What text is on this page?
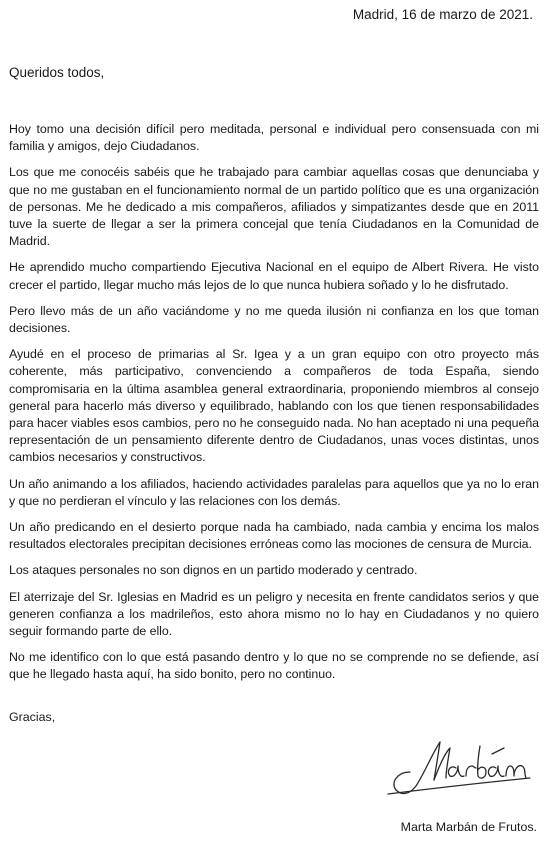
Madrid, 16 de marzo de 2021.
Queridos todos,

Hoy tomo una decisión difícil pero meditada, personal e individual pero consensuada con mi familia y amigos, dejo Ciudadanos.

Los que me conocéis sabéis que he trabajado para cambiar aquellas cosas que denunciaba y que no me gustaban en el funcionamiento normal de un partido político que es una organización de personas. Me he dedicado a mis compañeros, afiliados y simpatizantes desde que en 2011 tuve la suerte de llegar a ser la primera concejal que tenía Ciudadanos en la Comunidad de Madrid.

He aprendido mucho compartiendo Ejecutiva Nacional en el equipo de Albert Rivera. He visto crecer el partido, llegar mucho más lejos de lo que nunca hubiera soñado y lo he disfrutado.

Pero llevo más de un año vaciándome y no me queda ilusión ni confianza en los que toman decisiones.

Ayudé en el proceso de primarias al Sr. Igea y a un gran equipo con otro proyecto más coherente, más participativo, convenciendo a compañeros de toda España, siendo compromisaria en la última asamblea general extraordinaria, proponiendo miembros al consejo general para hacerlo más diverso y equilibrado, hablando con los que tienen responsabilidades para hacer viables esos cambios, pero no he conseguido nada. No han aceptado ni una pequeña representación de un pensamiento diferente dentro de Ciudadanos, unas voces distintas, unos cambios necesarios y constructivos.

Un año animando a los afiliados, haciendo actividades paralelas para aquellos que ya no lo eran y que no perdieran el vínculo y las relaciones con los demás.

Un año predicando en el desierto porque nada ha cambiado, nada cambia y encima los malos resultados electorales precipitan decisiones erróneas como las mociones de censura de Murcia.

Los ataques personales no son dignos en un partido moderado y centrado.

El aterrizaje del Sr. Iglesias en Madrid es un peligro y necesita en frente candidatos serios y que generen confianza a los madrileños, esto ahora mismo no lo hay en Ciudadanos y no quiero seguir formando parte de ello.

No me identifico con lo que está pasando dentro y lo que no se comprende no se defiende, así que he llegado hasta aquí, ha sido bonito, pero no continuo.

Gracias,
Marta Marbán de Frutos.
